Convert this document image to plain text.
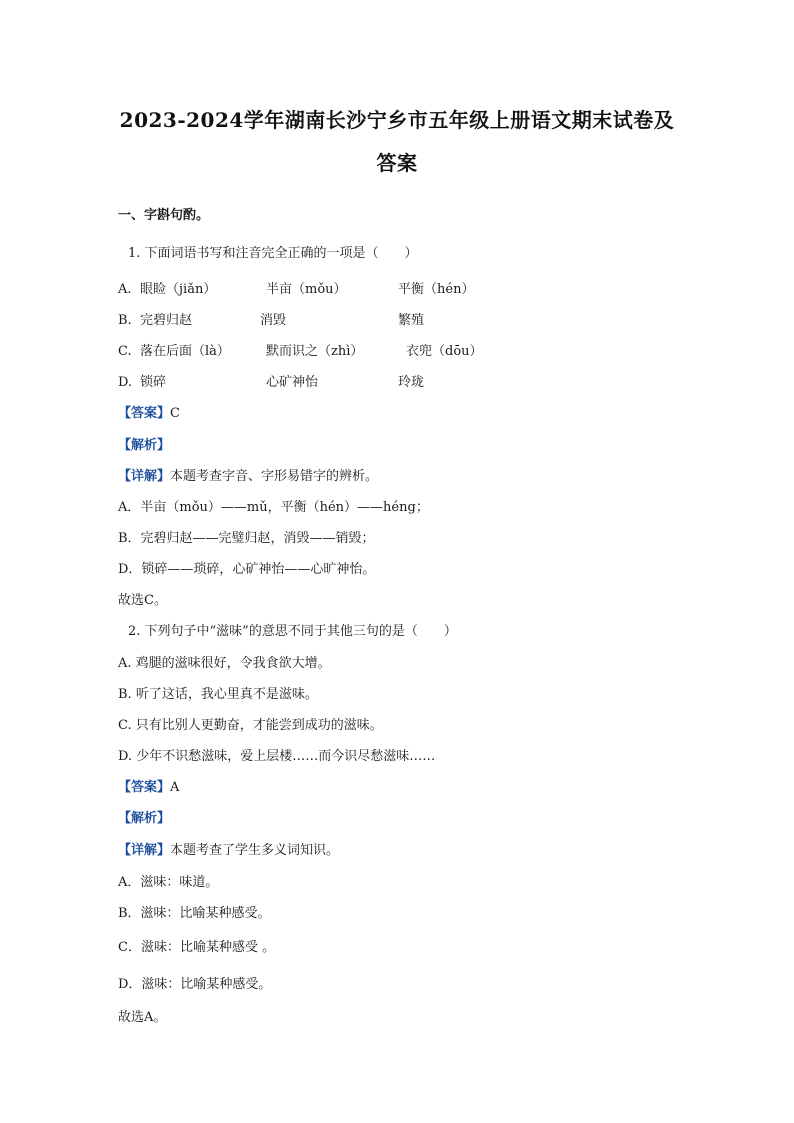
2023-2024学年湖南长沙宁乡市五年级上册语文期末试卷及
答案
一、字斟句酌。
1. 下面词语书写和注音完全正确的一项是（　　）
A. 眼睑（jiǎn）	半亩（mǒu）	平衡（hén）
B. 完碧归赵	消毁	繁殖
C. 落在后面（là）	默而识之（zhì）	衣兜（dōu）
D. 锁碎	心矿神怡	玲珑
【答案】C
【解析】
【详解】本题考查字音、字形易错字的辨析。
A．半亩（mǒu）——mǔ，平衡（hén）——héng；
B．完碧归赵——完璧归赵，消毁——销毁；
D．锁碎——琐碎，心矿神怡——心旷神怡。
故选C。
2. 下列句子中“滋味”的意思不同于其他三句的是（　　）
A. 鸡腿的滋味很好，令我食欲大增。
B. 听了这话，我心里真不是滋味。
C. 只有比别人更勤奋，才能尝到成功的滋味。
D. 少年不识愁滋味，爱上层楼……而今识尽愁滋味……
【答案】A
【解析】
【详解】本题考查了学生多义词知识。
A．滋味：味道。
B．滋味：比喻某种感受。
C．滋味：比喻某种感受 。
D．滋味：比喻某种感受。
故选A。
